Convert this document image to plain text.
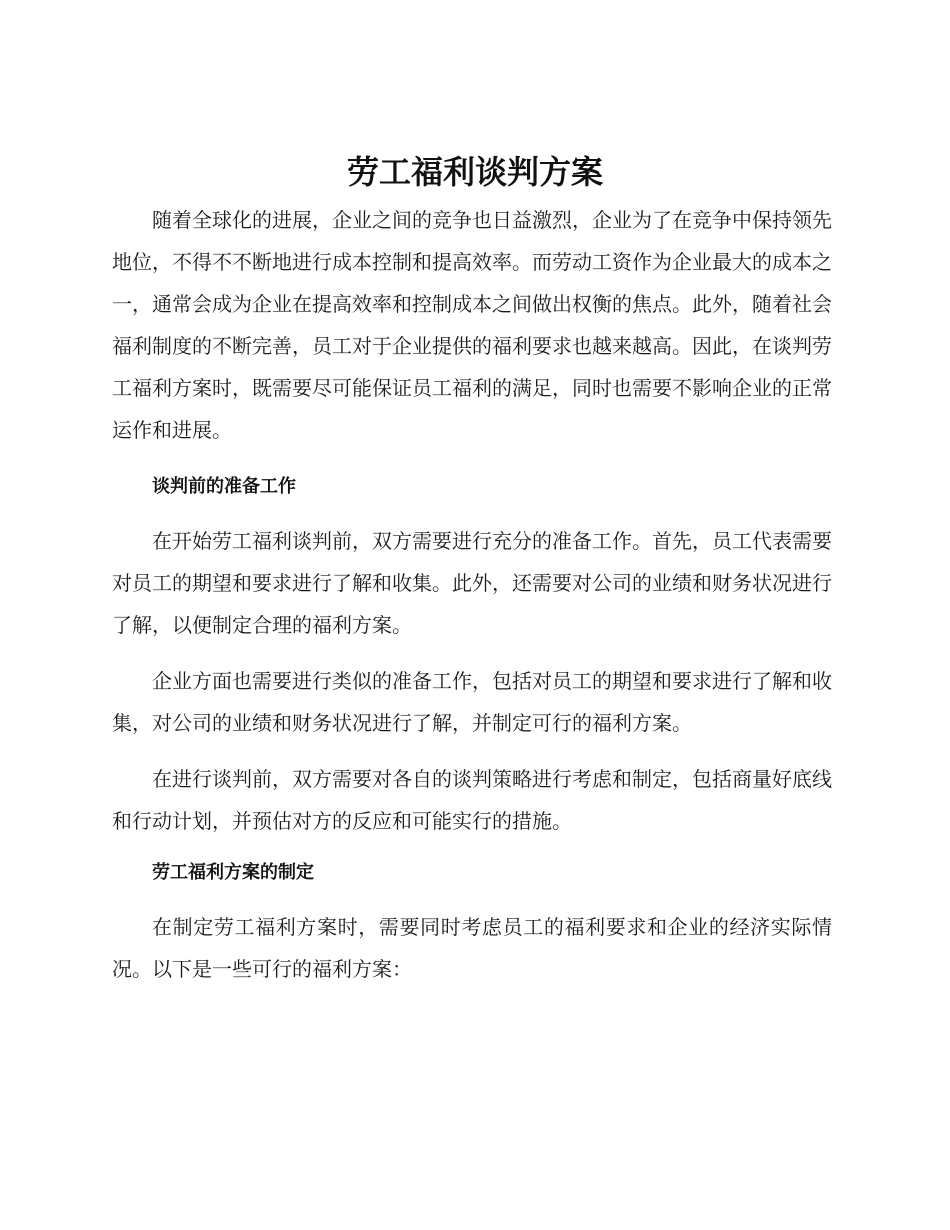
劳工福利谈判方案

随着全球化的进展，企业之间的竞争也日益激烈，企业为了在竞争中保持领先地位，不得不不断地进行成本控制和提高效率。而劳动工资作为企业最大的成本之一，通常会成为企业在提高效率和控制成本之间做出权衡的焦点。此外，随着社会福利制度的不断完善，员工对于企业提供的福利要求也越来越高。因此，在谈判劳工福利方案时，既需要尽可能保证员工福利的满足，同时也需要不影响企业的正常运作和进展。

谈判前的准备工作

在开始劳工福利谈判前，双方需要进行充分的准备工作。首先，员工代表需要对员工的期望和要求进行了解和收集。此外，还需要对公司的业绩和财务状况进行了解，以便制定合理的福利方案。

企业方面也需要进行类似的准备工作，包括对员工的期望和要求进行了解和收集，对公司的业绩和财务状况进行了解，并制定可行的福利方案。

在进行谈判前，双方需要对各自的谈判策略进行考虑和制定，包括商量好底线和行动计划，并预估对方的反应和可能实行的措施。

劳工福利方案的制定

在制定劳工福利方案时，需要同时考虑员工的福利要求和企业的经济实际情况。以下是一些可行的福利方案：
